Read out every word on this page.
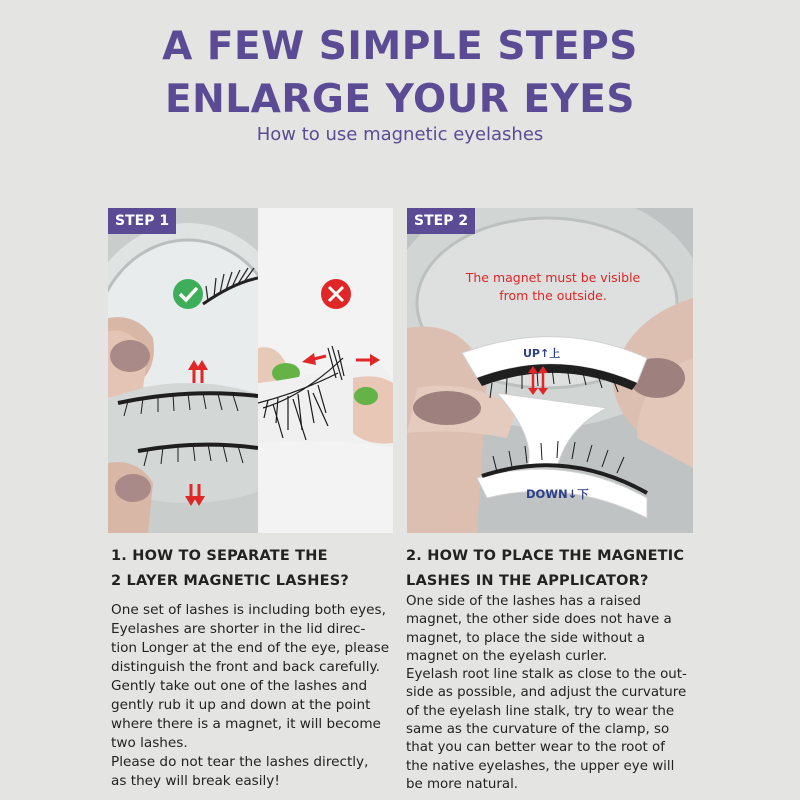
A FEW SIMPLE STEPS
ENLARGE YOUR EYES
How to use magnetic eyelashes
STEP 1	STEP 2
The magnet must be visible
from the outside.
UP↑上
DOWN↓下
1. HOW TO SEPARATE THE
2 LAYER MAGNETIC LASHES?
One set of lashes is including both eyes,
Eyelashes are shorter in the lid direc-
tion Longer at the end of the eye, please
distinguish the front and back carefully.
Gently take out one of the lashes and
gently rub it up and down at the point
where there is a magnet, it will become
two lashes.
Please do not tear the lashes directly,
as they will break easily!
2. HOW TO PLACE THE MAGNETIC
LASHES IN THE APPLICATOR?
One side of the lashes has a raised
magnet, the other side does not have a
magnet, to place the side without a
magnet on the eyelash curler.
Eyelash root line stalk as close to the out-
side as possible, and adjust the curvature
of the eyelash line stalk, try to wear the
same as the curvature of the clamp, so
that you can better wear to the root of
the native eyelashes, the upper eye will
be more natural.
